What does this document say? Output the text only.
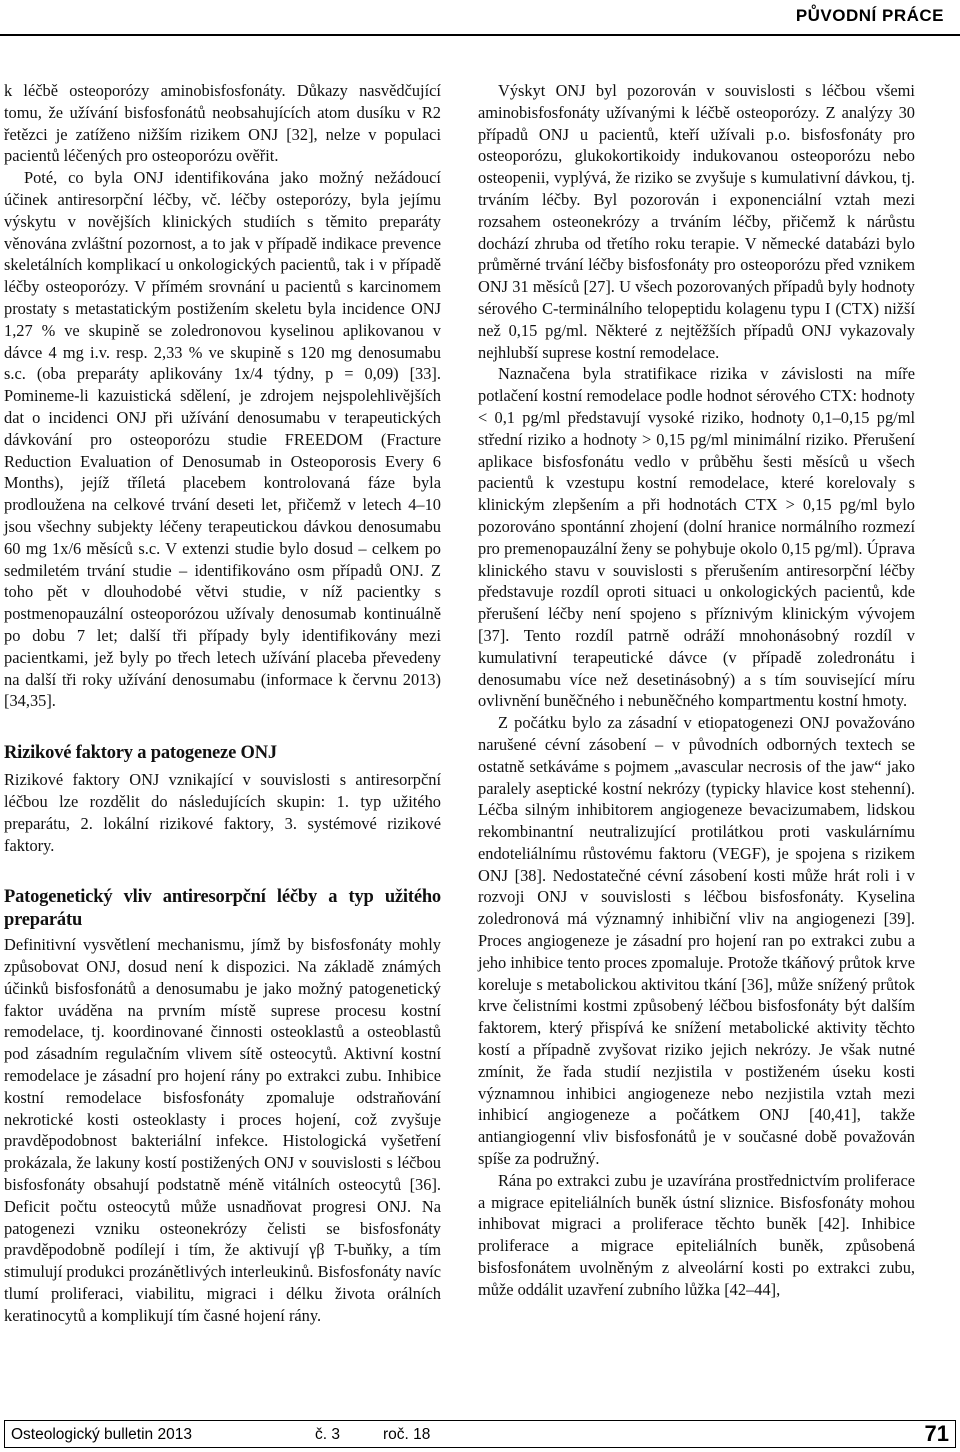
PŮVODNÍ PRÁCE

k léčbě osteoporózy aminobisfosfonáty. Důkazy nasvědčující tomu, že užívání bisfosfonátů neobsahujících atom dusíku v R2 řetězci je zatíženo nižším rizikem ONJ [32], nelze v populaci pacientů léčených pro osteoporózu ověřit.

Poté, co byla ONJ identifikována jako možný nežádoucí účinek antiresorpční léčby, vč. léčby osteporózy, byla jejímu výskytu v novějších klinických studiích s těmito preparáty věnována zvláštní pozornost, a to jak v případě indikace prevence skeletálních komplikací u onkologických pacientů, tak i v případě léčby osteoporózy. V přímém srovnání u pacientů s karcinomem prostaty s metastatickým postižením skeletu byla incidence ONJ 1,27 % ve skupině se zoledronovou kyselinou aplikovanou v dávce 4 mg i.v. resp. 2,33 % ve skupině s 120 mg denosumabu s.c. (oba preparáty aplikovány 1x/4 týdny, p = 0,09) [33]. Pomineme-li kazuistická sdělení, je zdrojem nejspolehlivějších dat o incidenci ONJ při užívání denosumabu v terapeutických dávkování pro osteoporózu studie FREEDOM (Fracture Reduction Evaluation of Denosumab in Osteoporosis Every 6 Months), jejíž tříletá placebem kontrolovaná fáze byla prodloužena na celkové trvání deseti let, přičemž v letech 4–10 jsou všechny subjekty léčeny terapeutickou dávkou denosumabu 60 mg 1x/6 měsíců s.c. V extenzi studie bylo dosud – celkem po sedmiletém trvání studie – identifikováno osm případů ONJ. Z toho pět v dlouhodobé větvi studie, v níž pacientky s postmenopauzální osteoporózou užívaly denosumab kontinuálně po dobu 7 let; další tři případy byly identifikovány mezi pacientkami, jež byly po třech letech užívání placeba převedeny na další tři roky užívání denosumabu (informace k červnu 2013) [34,35].

Rizikové faktory a patogeneze ONJ

Rizikové faktory ONJ vznikající v souvislosti s antiresorpční léčbou lze rozdělit do následujících skupin: 1. typ užitého preparátu, 2. lokální rizikové faktory, 3. systémové rizikové faktory.

Patogenetický vliv antiresorpční léčby a typ užitého preparátu

Definitivní vysvětlení mechanismu, jímž by bisfosfonáty mohly způsobovat ONJ, dosud není k dispozici. Na základě známých účinků bisfosfonátů a denosumabu je jako možný patogenetický faktor uváděna na prvním místě suprese procesu kostní remodelace, tj. koordinované činnosti osteoklastů a osteoblastů pod zásadním regulačním vlivem sítě osteocytů. Aktivní kostní remodelace je zásadní pro hojení rány po extrakci zubu. Inhibice kostní remodelace bisfosfonáty zpomaluje odstraňování nekrotické kosti osteoklasty i proces hojení, což zvyšuje pravděpodobnost bakteriální infekce. Histologická vyšetření prokázala, že lakuny kostí postižených ONJ v souvislosti s léčbou bisfosfonáty obsahují podstatně méně vitálních osteocytů [36]. Deficit počtu osteocytů může usnadňovat progresi ONJ. Na patogenezi vzniku osteonekrózy čelisti se bisfosfonáty pravděpodobně podílejí i tím, že aktivují γβ T-buňky, a tím stimulují produkci prozánětlivých interleukinů. Bisfosfonáty navíc tlumí proliferaci, viabilitu, migraci i délku života orálních keratinocytů a komplikují tím časné hojení rány.

Výskyt ONJ byl pozorován v souvislosti s léčbou všemi aminobisfosfonáty užívanými k léčbě osteoporózy. Z analýzy 30 případů ONJ u pacientů, kteří užívali p.o. bisfosfonáty pro osteoporózu, glukokortikoidy indukovanou osteoporózu nebo osteopenii, vyplývá, že riziko se zvyšuje s kumulativní dávkou, tj. trváním léčby. Byl pozorován i exponenciální vztah mezi rozsahem osteonekrózy a trváním léčby, přičemž k nárůstu dochází zhruba od třetího roku terapie. V německé databázi bylo průměrné trvání léčby bisfosfonáty pro osteoporózu před vznikem ONJ 31 měsíců [27]. U všech pozorovaných případů byly hodnoty sérového C-terminálního telopeptidu kolagenu typu I (CTX) nižší než 0,15 pg/ml. Některé z nejtěžších případů ONJ vykazovaly nejhlubší suprese kostní remodelace.

Naznačena byla stratifikace rizika v závislosti na míře potlačení kostní remodelace podle hodnot sérového CTX: hodnoty < 0,1 pg/ml představují vysoké riziko, hodnoty 0,1–0,15 pg/ml střední riziko a hodnoty > 0,15 pg/ml minimální riziko. Přerušení aplikace bisfosfonátu vedlo v průběhu šesti měsíců u všech pacientů k vzestupu kostní remodelace, které korelovaly s klinickým zlepšením a při hodnotách CTX > 0,15 pg/ml bylo pozorováno spontánní zhojení (dolní hranice normálního rozmezí pro premenopauzální ženy se pohybuje okolo 0,15 pg/ml). Úprava klinického stavu v souvislosti s přerušením antiresorpční léčby představuje rozdíl oproti situaci u onkologických pacientů, kde přerušení léčby není spojeno s příznivým klinickým vývojem [37]. Tento rozdíl patrně odráží mnohonásobný rozdíl v kumulativní terapeutické dávce (v případě zoledronátu i denosumabu více než desetinásobný) a s tím související míru ovlivnění buněčného i nebuněčného kompartmentu kostní hmoty.

Z počátku bylo za zásadní v etiopatogenezi ONJ považováno narušené cévní zásobení – v původních odborných textech se ostatně setkáváme s pojmem „avascular necrosis of the jaw“ jako paralely aseptické kostní nekrózy (typicky hlavice kost stehenní). Léčba silným inhibitorem angiogeneze bevacizumabem, lidskou rekombinantní neutralizující protilátkou proti vaskulárnímu endoteliálnímu růstovému faktoru (VEGF), je spojena s rizikem ONJ [38]. Nedostatečné cévní zásobení kosti může hrát roli i v rozvoji ONJ v souvislosti s léčbou bisfosfonáty. Kyselina zoledronová má významný inhibiční vliv na angiogenezi [39]. Proces angiogeneze je zásadní pro hojení ran po extrakci zubu a jeho inhibice tento proces zpomaluje. Protože tkáňový průtok krve koreluje s metabolickou aktivitou tkání [36], může snížený průtok krve čelistními kostmi způsobený léčbou bisfosfonáty být dalším faktorem, který přispívá ke snížení metabolické aktivity těchto kostí a případně zvyšovat riziko jejich nekrózy. Je však nutné zmínit, že řada studií nezjistila v postiženém úseku kosti významnou inhibici angiogeneze nebo nezjistila vztah mezi inhibicí angiogeneze a počátkem ONJ [40,41], takže antiangiogenní vliv bisfosfonátů je v současné době považován spíše za podružný.

Rána po extrakci zubu je uzavírána prostřednictvím proliferace a migrace epiteliálních buněk ústní sliznice. Bisfosfonáty mohou inhibovat migraci a proliferace těchto buněk [42]. Inhibice proliferace a migrace epiteliálních buněk, způsobená bisfosfonátem uvolněným z alveolární kosti po extrakci zubu, může oddálit uzavření zubního lůžka [42–44],

Osteologický bulletin 2013	č. 3	roč. 18	71
